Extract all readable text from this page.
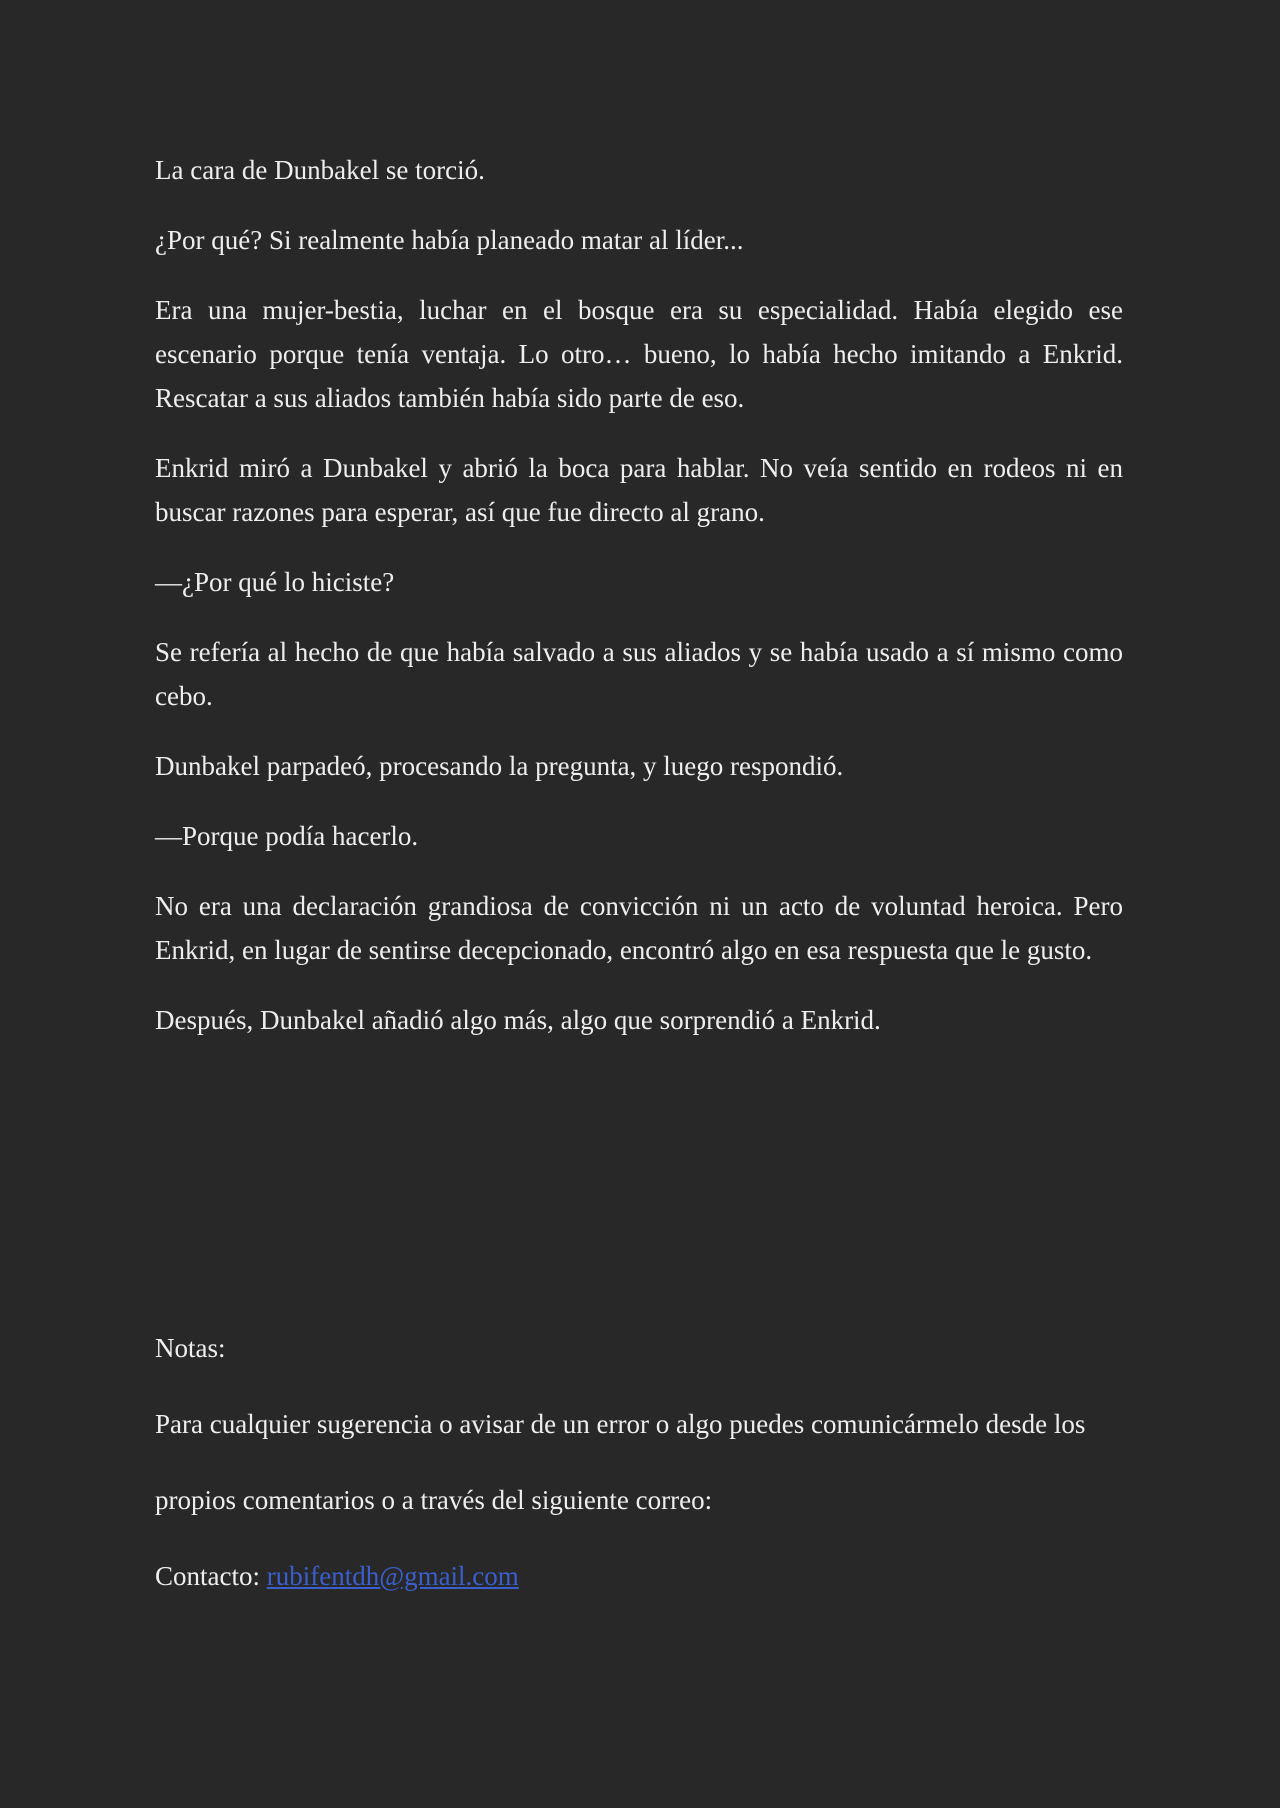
La cara de Dunbakel se torció.

¿Por qué? Si realmente había planeado matar al líder...

Era una mujer-bestia, luchar en el bosque era su especialidad. Había elegido ese escenario porque tenía ventaja. Lo otro… bueno, lo había hecho imitando a Enkrid. Rescatar a sus aliados también había sido parte de eso.

Enkrid miró a Dunbakel y abrió la boca para hablar. No veía sentido en rodeos ni en buscar razones para esperar, así que fue directo al grano.

—¿Por qué lo hiciste?

Se refería al hecho de que había salvado a sus aliados y se había usado a sí mismo como cebo.

Dunbakel parpadeó, procesando la pregunta, y luego respondió.

—Porque podía hacerlo.

No era una declaración grandiosa de convicción ni un acto de voluntad heroica. Pero Enkrid, en lugar de sentirse decepcionado, encontró algo en esa respuesta que le gusto.

Después, Dunbakel añadió algo más, algo que sorprendió a Enkrid.

Notas:

Para cualquier sugerencia o avisar de un error o algo puedes comunicármelo desde los

propios comentarios o a través del siguiente correo:

Contacto: rubifentdh@gmail.com
